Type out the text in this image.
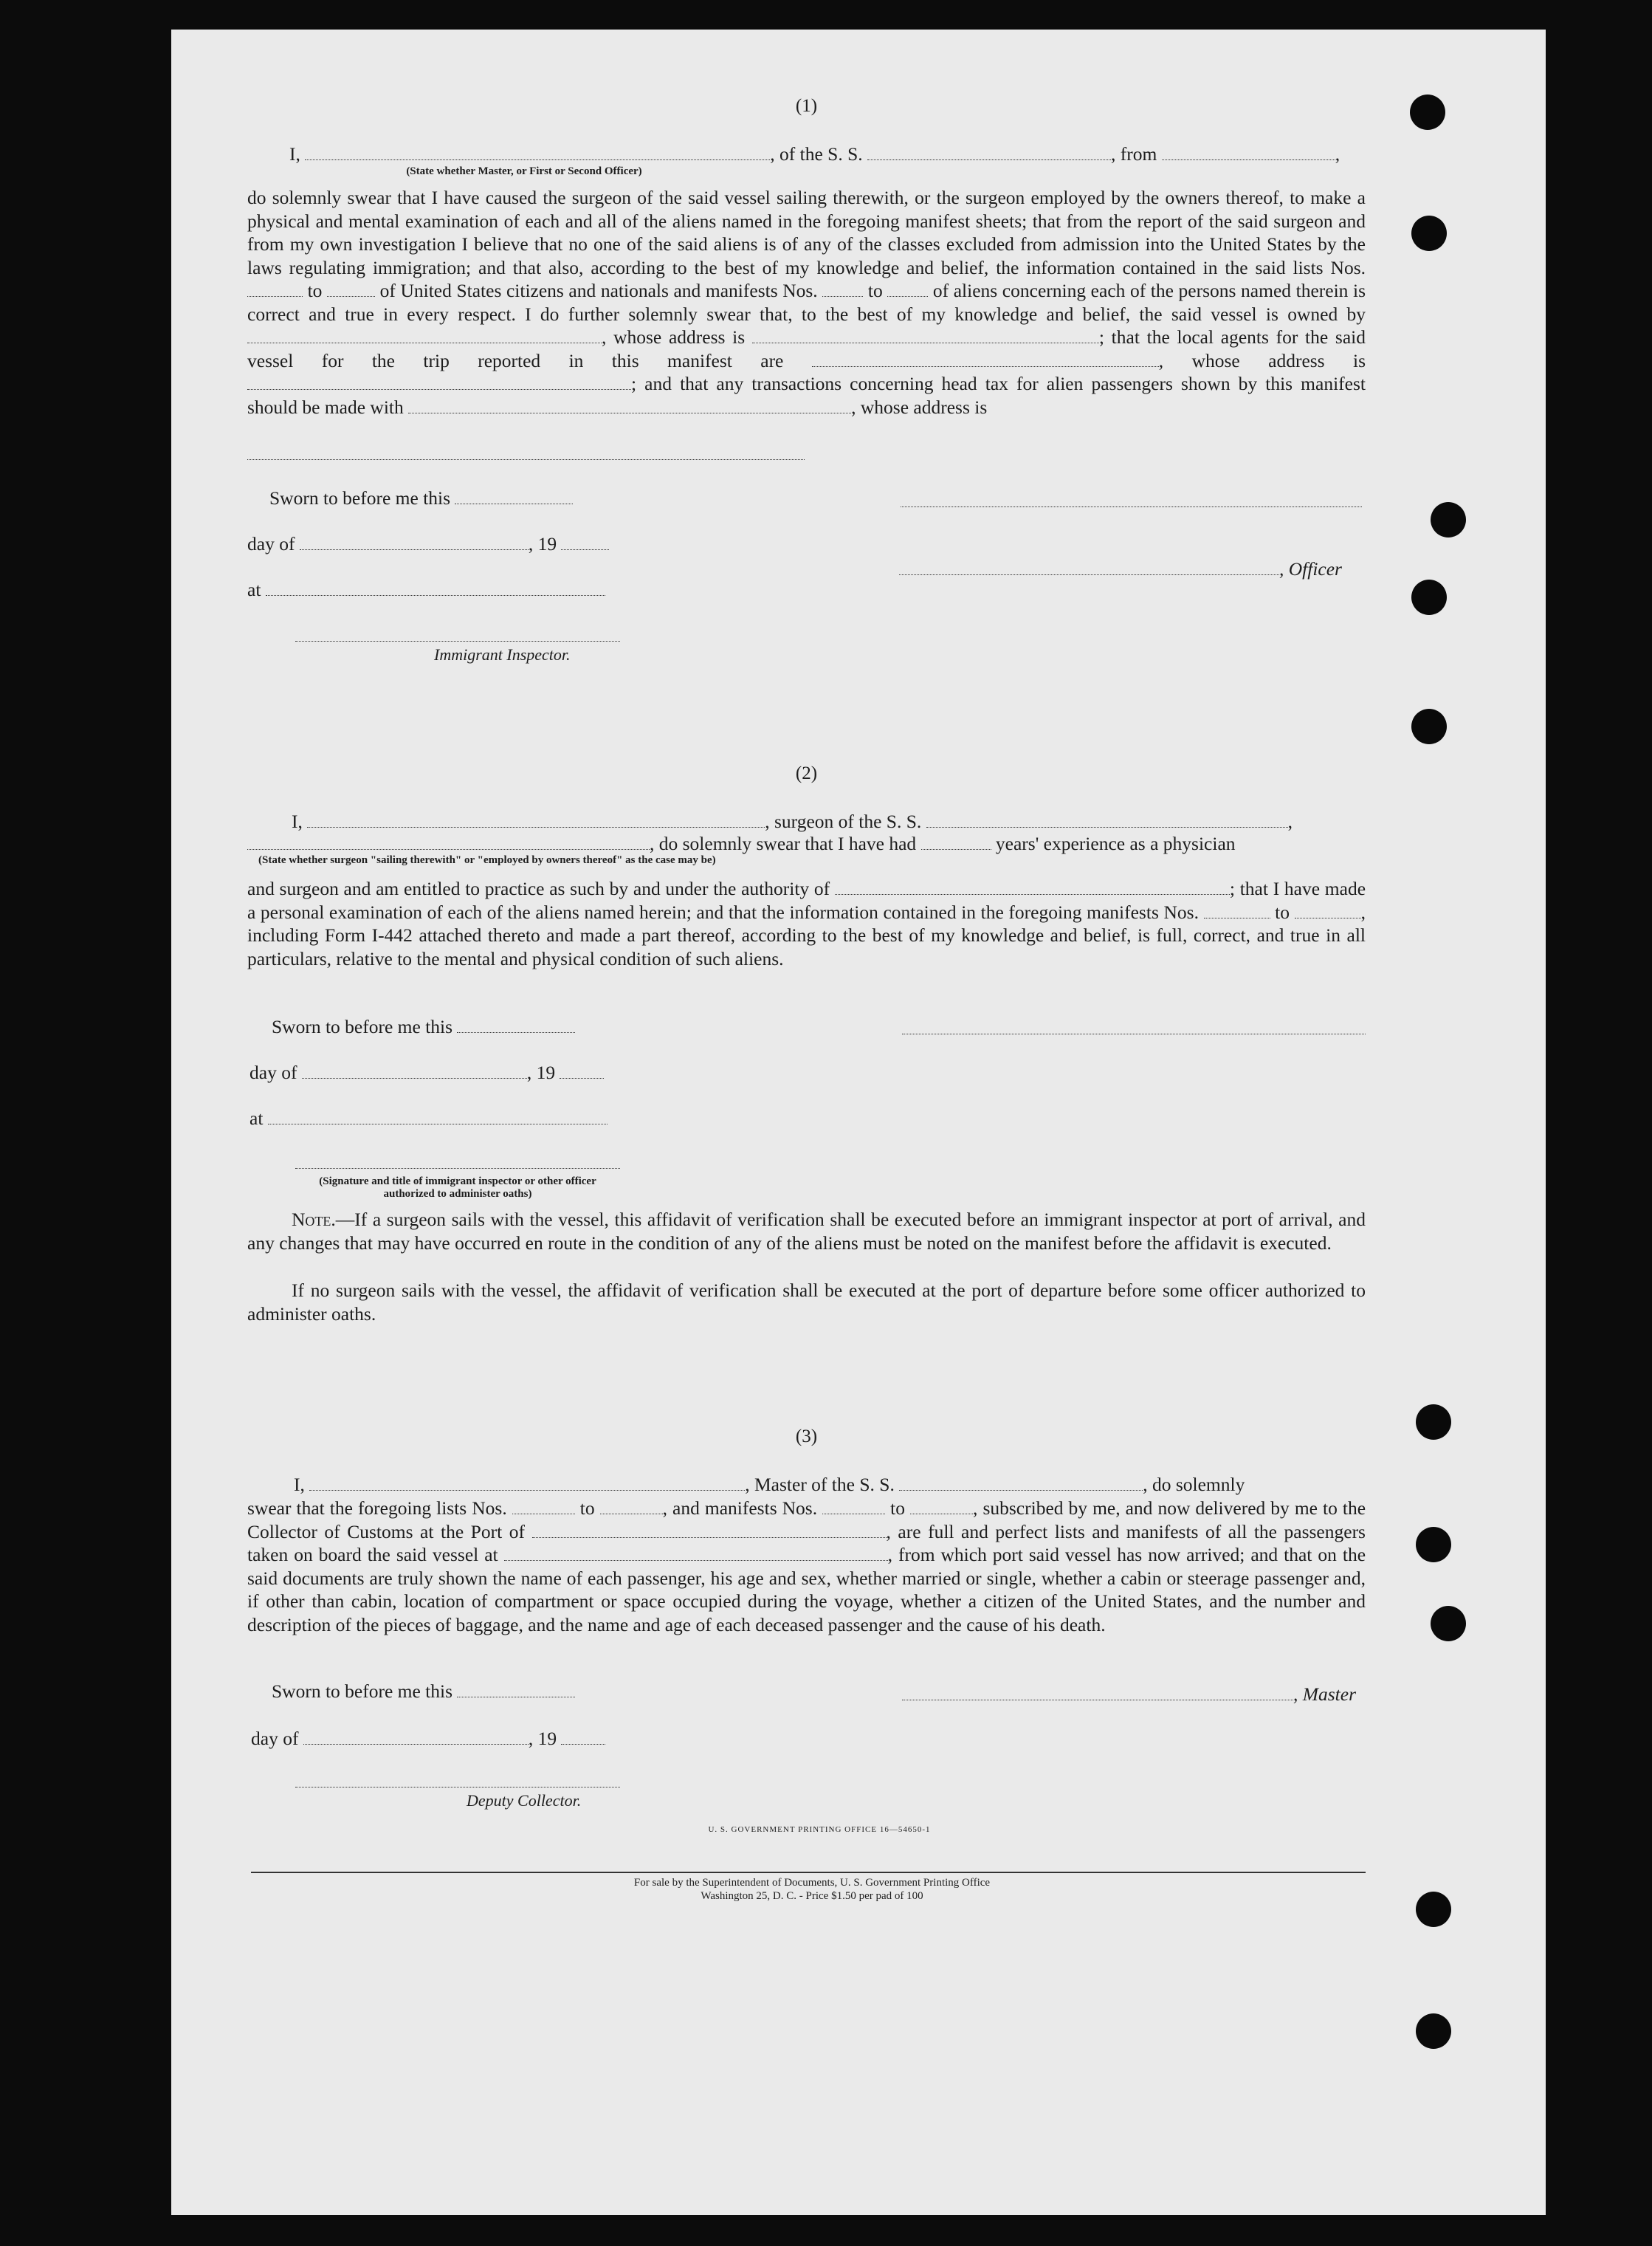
(1)
I,	, of the S. S.	, from	,
(State whether Master, or First or Second Officer)
do solemnly swear that I have caused the surgeon of the said vessel sailing therewith, or the surgeon employed by the owners thereof, to make a physical and mental examination of each and all of the aliens named in the foregoing manifest sheets; that from the report of the said surgeon and from my own investigation I believe that no one of the said aliens is of any of the classes excluded from admission into the United States by the laws regulating immigration; and that also, according to the best of my knowledge and belief, the information contained in the said lists Nos.  to	of United States citizens and nationals and manifests Nos.	to	of aliens concerning each of the persons named therein is correct and true in every respect. I do further solemnly swear that, to the best of my knowledge and belief, the said vessel is owned by , whose address is	; that the local agents for the said vessel for the trip reported in this manifest are	, whose address is ; and that any transactions concerning head tax for alien passengers shown by this manifest should be made with	, whose address is
Sworn to before me this
day of	, 19
, Officer
at
Immigrant Inspector.
(2)
I,	, surgeon of the S. S.	,
, do solemnly swear that I have had	years' experience as a physician
(State whether surgeon "sailing therewith" or "employed by owners thereof" as the case may be)
and surgeon and am entitled to practice as such by and under the authority of	; that I have made a personal examination of each of the aliens named herein; and that the information contained in the foregoing manifests Nos.	to	, including Form I-442 attached thereto and made a part thereof, according to the best of my knowledge and belief, is full, correct, and true in all particulars, relative to the mental and physical condition of such aliens.
Sworn to before me this
day of	, 19
at
(Signature and title of immigrant inspector or other officer authorized to administer oaths)
Note.—If a surgeon sails with the vessel, this affidavit of verification shall be executed before an immigrant inspector at port of arrival, and any changes that may have occurred en route in the condition of any of the aliens must be noted on the manifest before the affidavit is executed.
If no surgeon sails with the vessel, the affidavit of verification shall be executed at the port of departure before some officer authorized to administer oaths.
(3)
I,	, Master of the S. S.	, do solemnly
swear that the foregoing lists Nos.	to	, and manifests Nos.	to	, subscribed by me, and now delivered by me to the Collector of Customs at the Port of	, are full and perfect lists and manifests of all the passengers taken on board the said vessel at	, from which port said vessel has now arrived; and that on the said documents are truly shown the name of each passenger, his age and sex, whether married or single, whether a cabin or steerage passenger and, if other than cabin, location of compartment or space occupied during the voyage, whether a citizen of the United States, and the number and description of the pieces of baggage, and the name and age of each deceased passenger and the cause of his death.
Sworn to before me this	, Master
day of	, 19
Deputy Collector.
U. S. GOVERNMENT PRINTING OFFICE 16—54650-1
For sale by the Superintendent of Documents, U. S. Government Printing Office
Washington 25, D. C. - Price $1.50 per pad of 100
